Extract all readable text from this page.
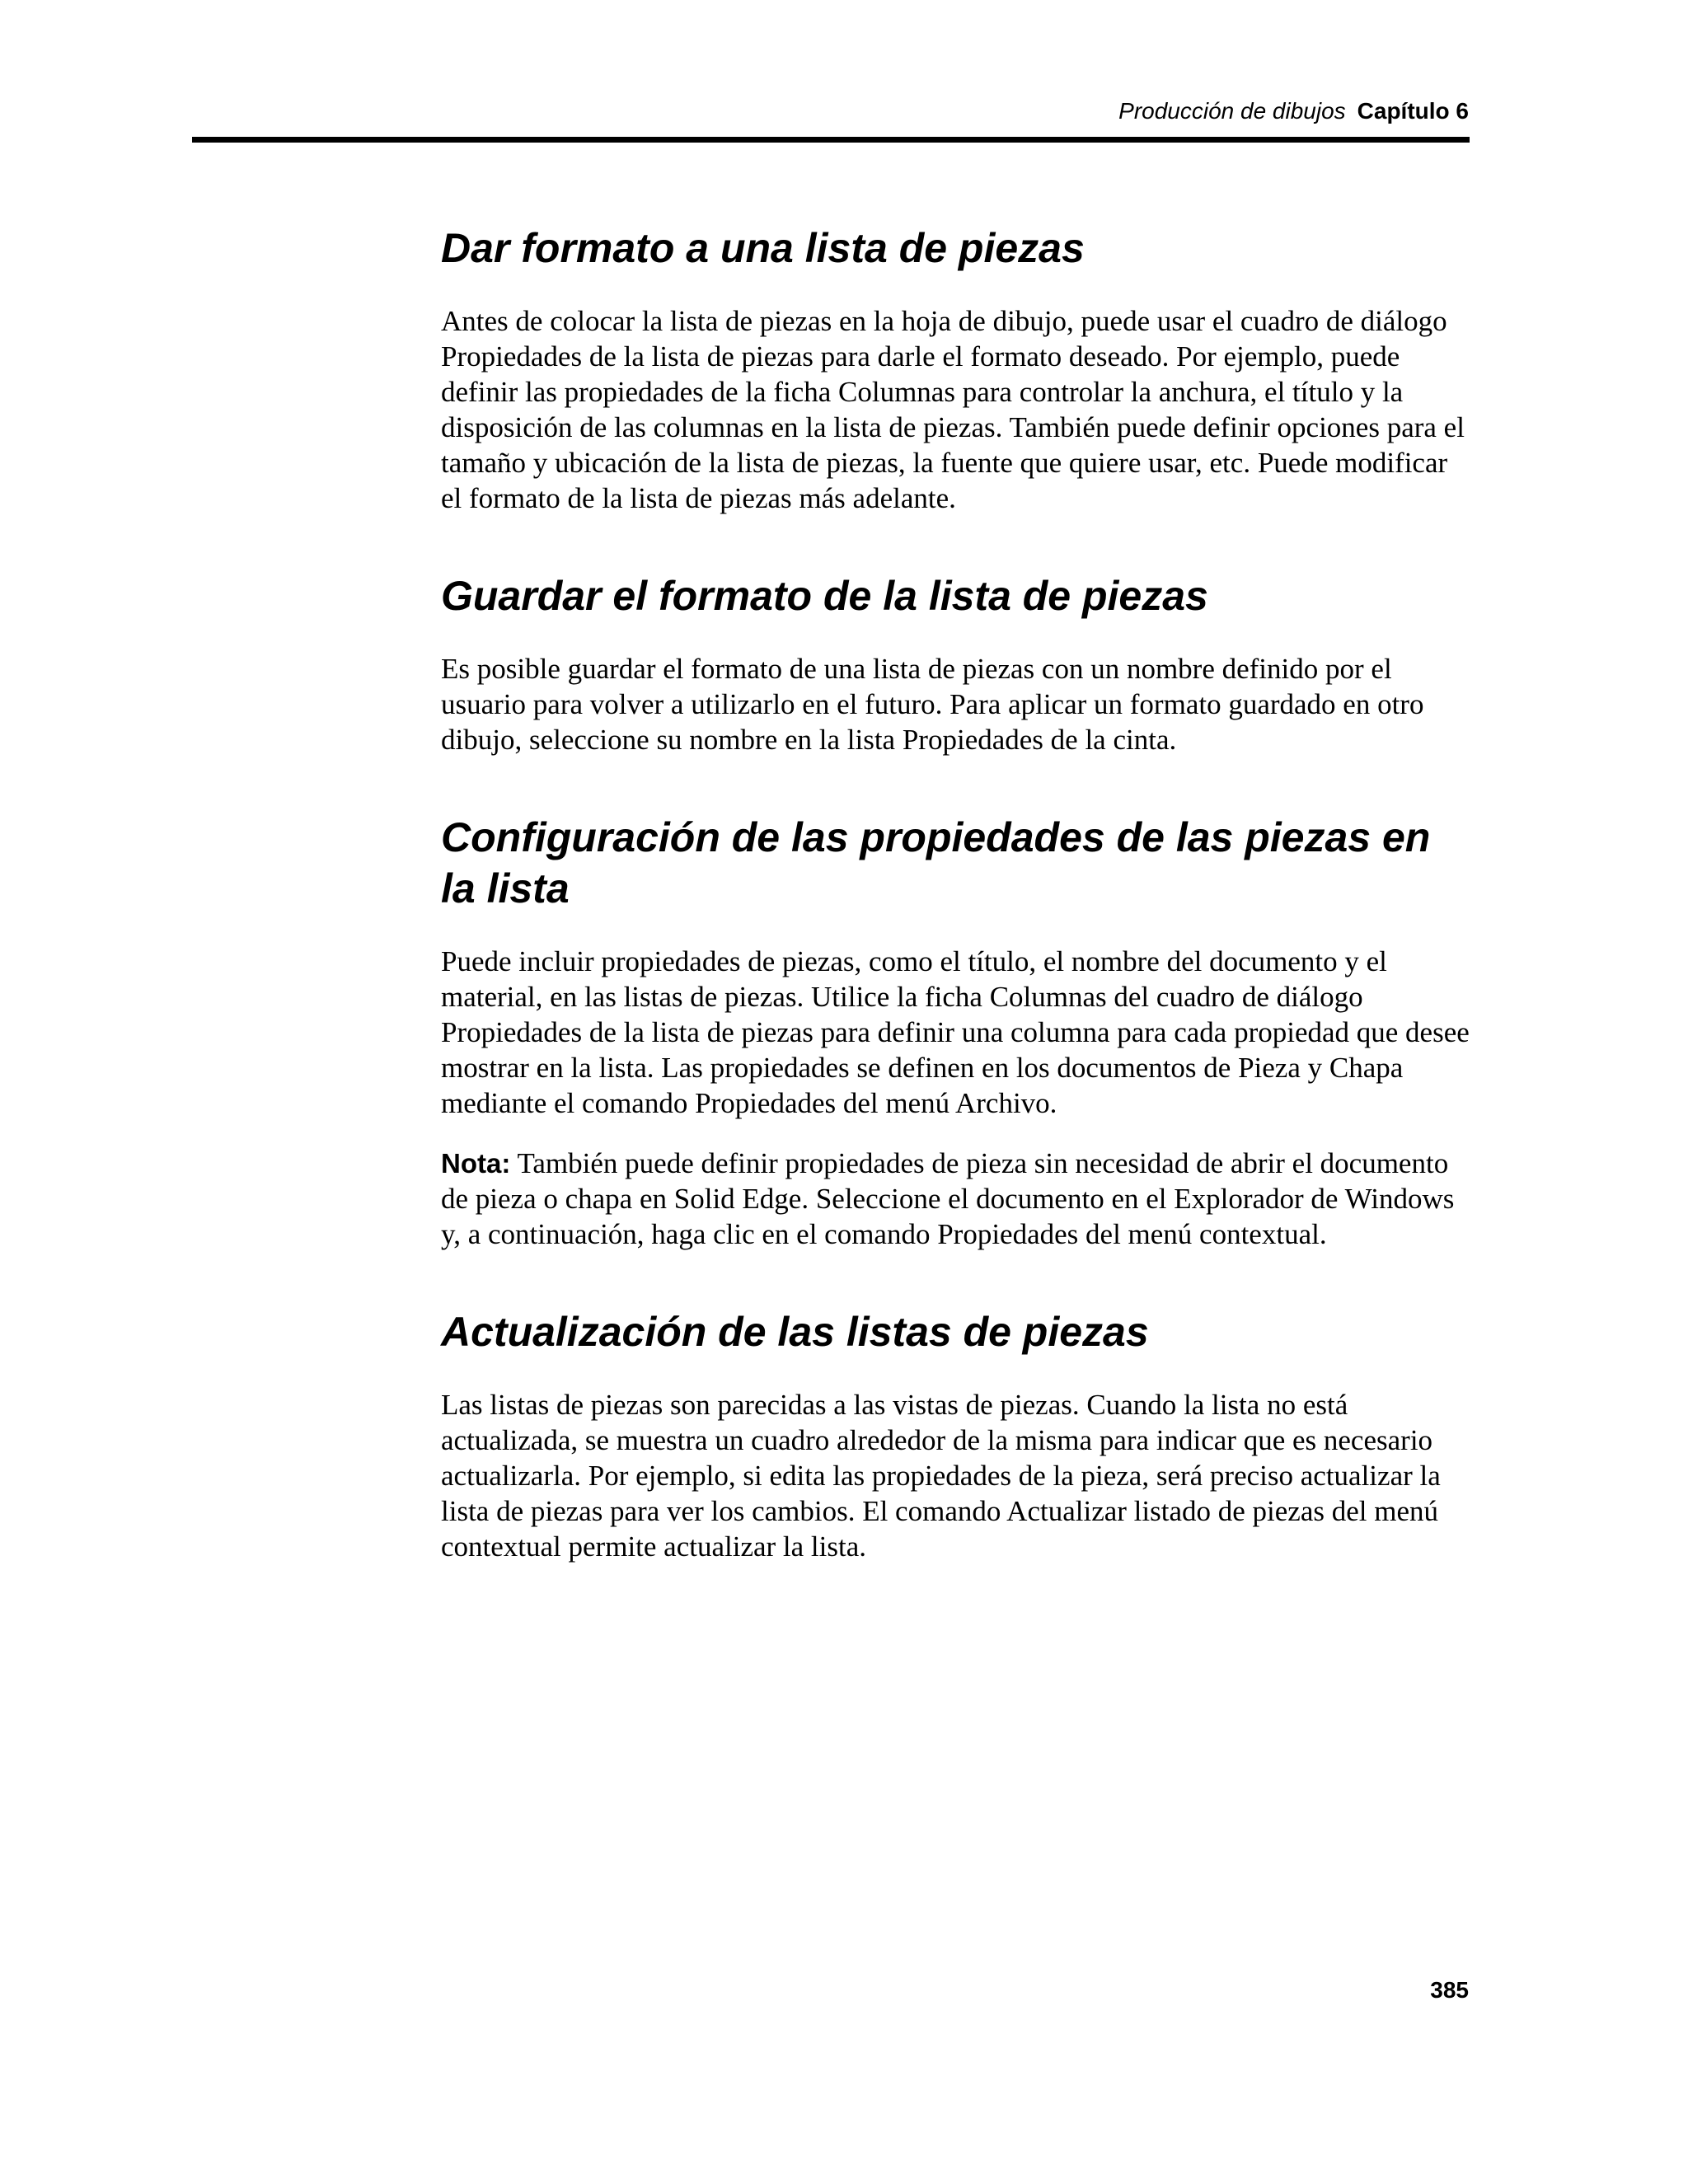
Producción de dibujos Capítulo 6
Dar formato a una lista de piezas

Antes de colocar la lista de piezas en la hoja de dibujo, puede usar el cuadro de diálogo Propiedades de la lista de piezas para darle el formato deseado. Por ejemplo, puede definir las propiedades de la ficha Columnas para controlar la anchura, el título y la disposición de las columnas en la lista de piezas. También puede definir opciones para el tamaño y ubicación de la lista de piezas, la fuente que quiere usar, etc. Puede modificar el formato de la lista de piezas más adelante.

Guardar el formato de la lista de piezas

Es posible guardar el formato de una lista de piezas con un nombre definido por el usuario para volver a utilizarlo en el futuro. Para aplicar un formato guardado en otro dibujo, seleccione su nombre en la lista Propiedades de la cinta.

Configuración de las propiedades de las piezas en la lista

Puede incluir propiedades de piezas, como el título, el nombre del documento y el material, en las listas de piezas. Utilice la ficha Columnas del cuadro de diálogo Propiedades de la lista de piezas para definir una columna para cada propiedad que desee mostrar en la lista. Las propiedades se definen en los documentos de Pieza y Chapa mediante el comando Propiedades del menú Archivo.

Nota: También puede definir propiedades de pieza sin necesidad de abrir el documento de pieza o chapa en Solid Edge. Seleccione el documento en el Explorador de Windows y, a continuación, haga clic en el comando Propiedades del menú contextual.

Actualización de las listas de piezas

Las listas de piezas son parecidas a las vistas de piezas. Cuando la lista no está actualizada, se muestra un cuadro alrededor de la misma para indicar que es necesario actualizarla. Por ejemplo, si edita las propiedades de la pieza, será preciso actualizar la lista de piezas para ver los cambios. El comando Actualizar listado de piezas del menú contextual permite actualizar la lista.

385
